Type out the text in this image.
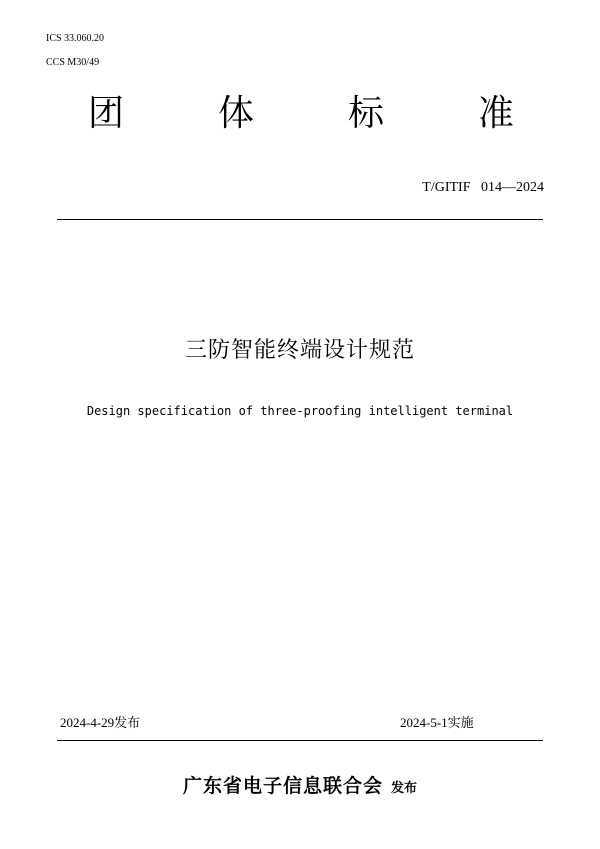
ICS 33.060.20
CCS M30/49
团	体	标	准
T/GITIF   014—2024
三防智能终端设计规范
Design specification of three-proofing intelligent terminal
2024-4-29发布	2024-5-1实施
广东省电子信息联合会 发布
